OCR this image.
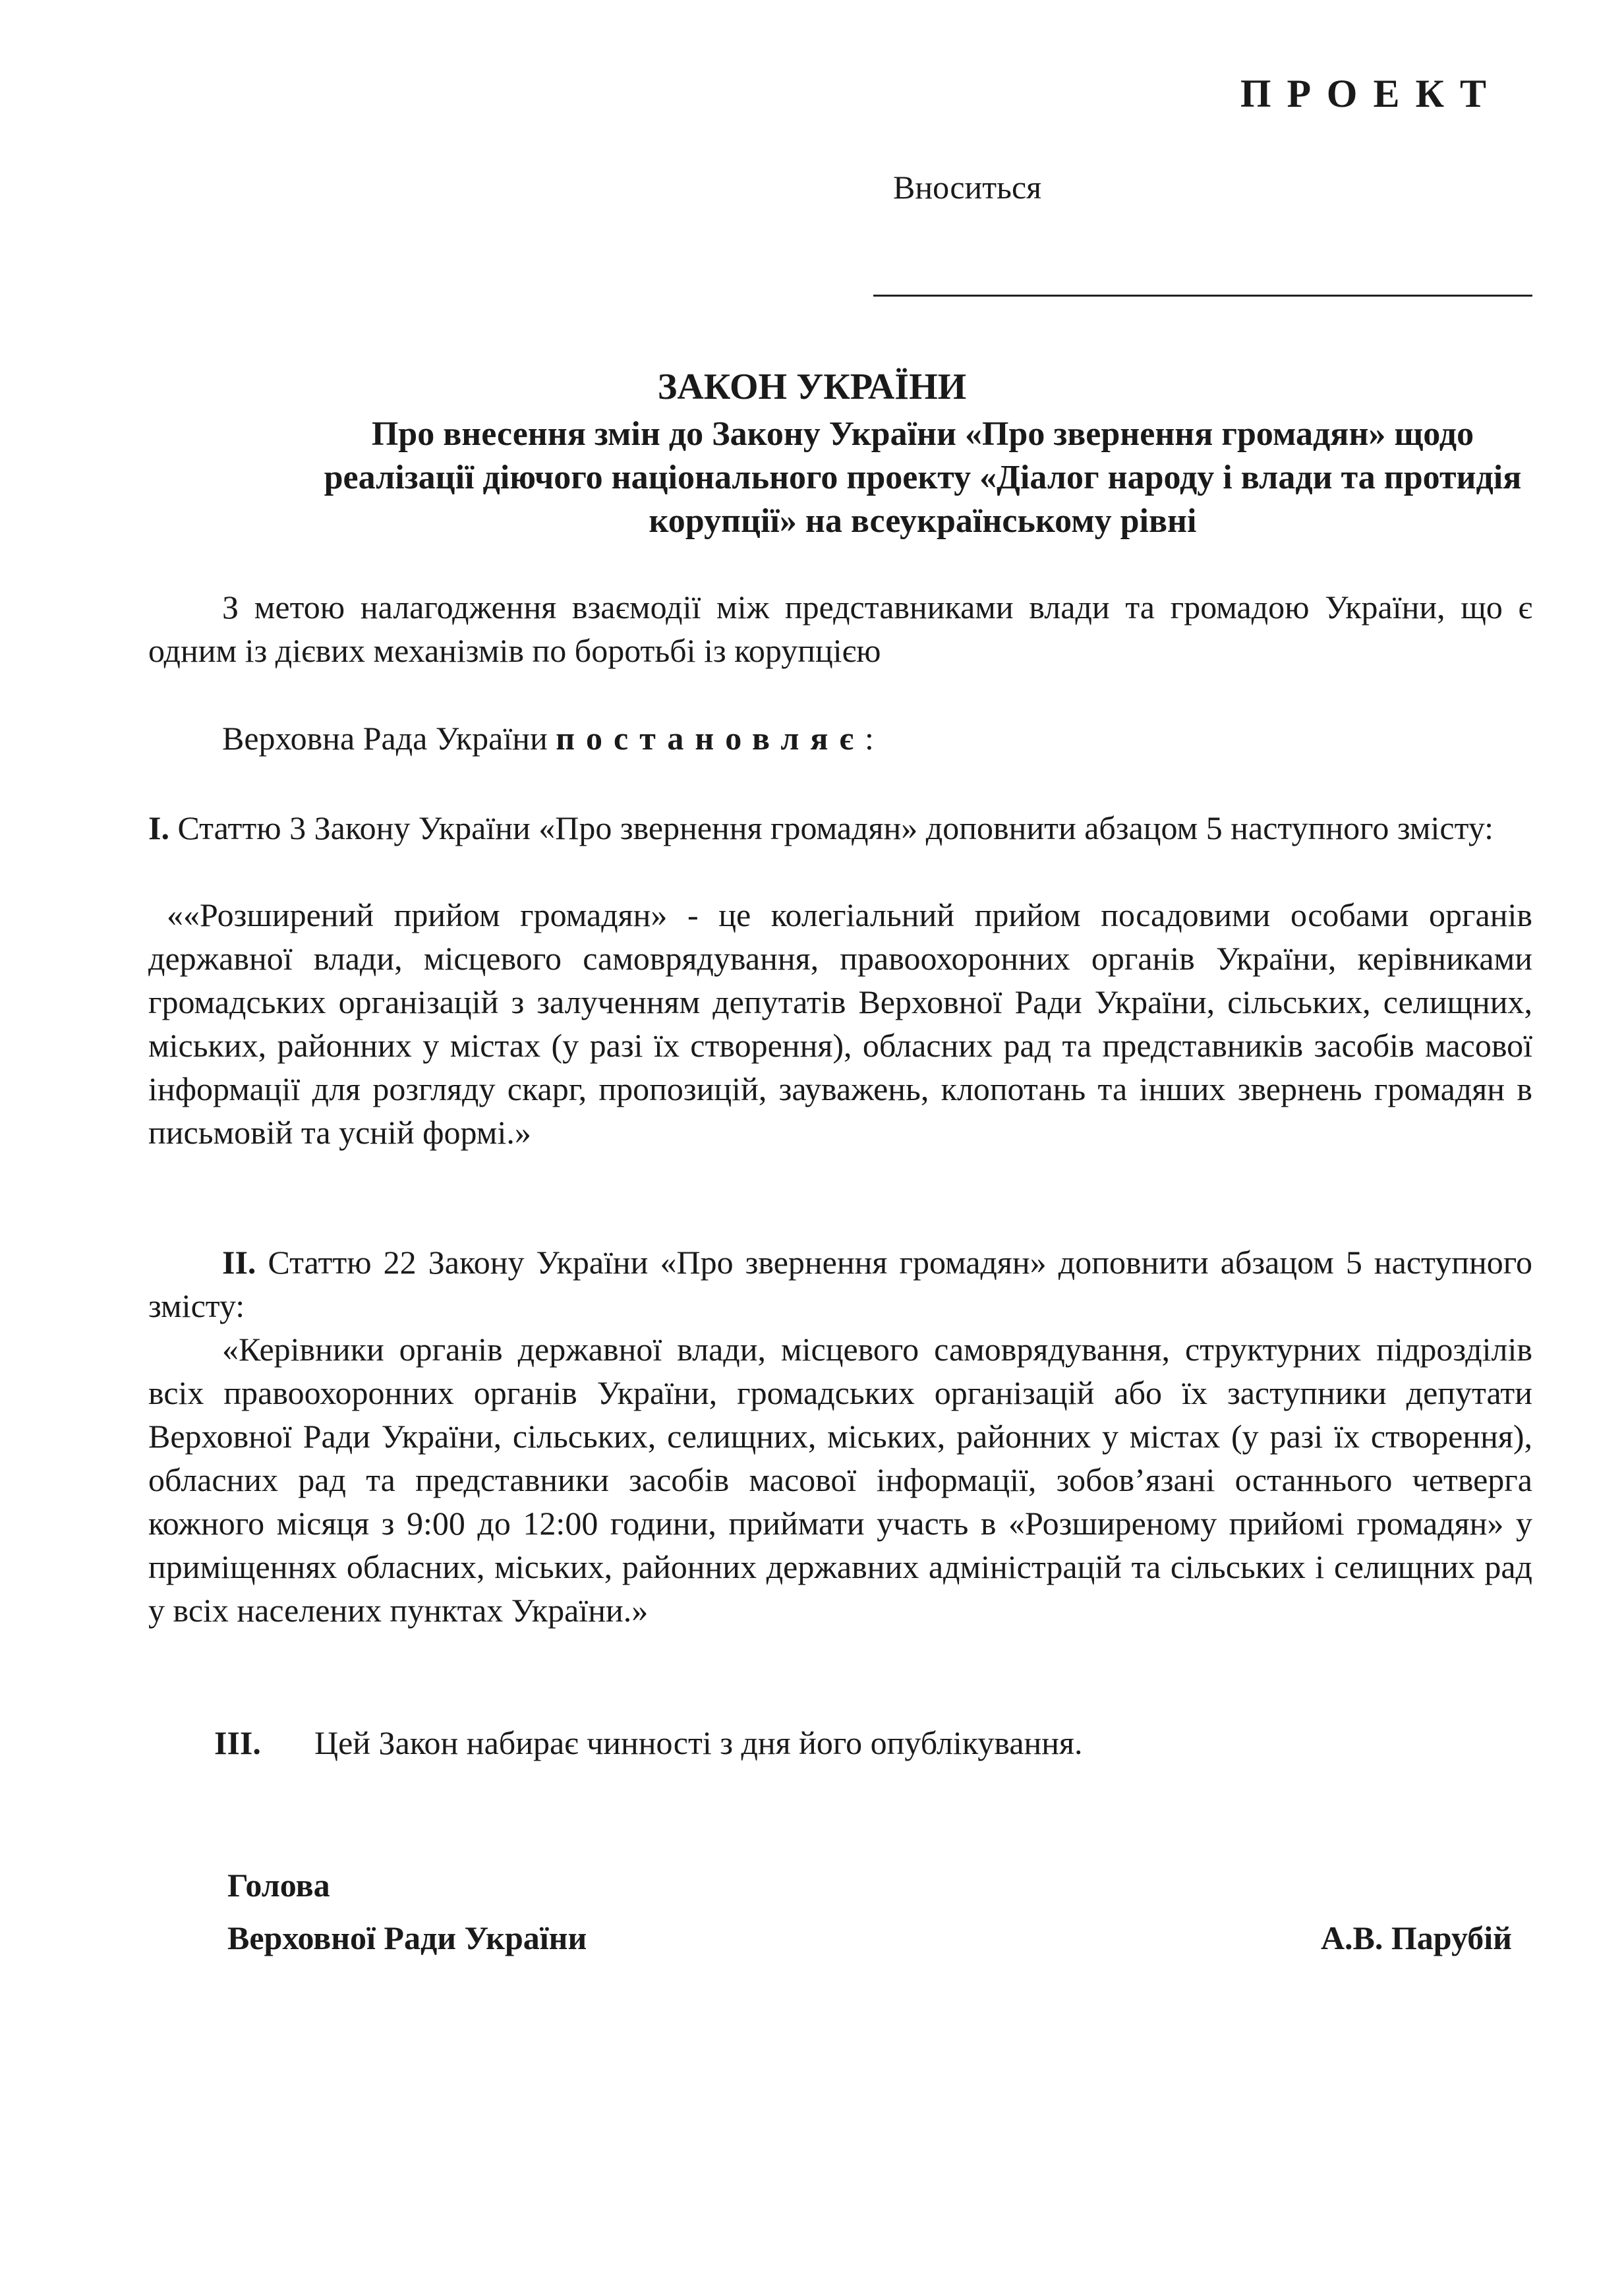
ПРОЕКТ
Вноситься
ЗАКОН УКРАЇНИ
Про внесення змін до Закону України «Про звернення громадян» щодо реалізації діючого національного проекту «Діалог народу і влади та протидія корупції» на всеукраїнському рівні

З метою налагодження взаємодії між представниками влади та громадою України, що є одним із дієвих механізмів по боротьбі із корупцією

Верховна Рада України постановляє:

І. Статтю 3 Закону України «Про звернення громадян» доповнити абзацом 5 наступного змісту:

««Розширений прийом громадян» - це колегіальний прийом посадовими особами органів державної влади, місцевого самоврядування, правоохоронних органів України, керівниками громадських організацій з залученням депутатів Верховної Ради України, сільських, селищних, міських, районних у містах (у разі їх створення), обласних рад та представників засобів масової інформації для розгляду скарг, пропозицій, зауважень, клопотань та інших звернень громадян в письмовій та усній формі.»

ІІ. Статтю 22 Закону України «Про звернення громадян» доповнити абзацом 5 наступного змісту:

«Керівники органів державної влади, місцевого самоврядування, структурних підрозділів всіх правоохоронних органів України, громадських організацій або їх заступники депутати Верховної Ради України, сільських, селищних, міських, районних у містах (у разі їх створення), обласних рад та представники засобів масової інформації, зобов’язані останнього четверга кожного місяця з 9:00 до 12:00 години, приймати участь в «Розширеному прийомі громадян» у приміщеннях обласних, міських, районних державних адміністрацій та сільських і селищних рад у всіх населених пунктах України.»

ІІІ. Цей Закон набирає чинності з дня його опублікування.

Голова
Верховної Ради України	А.В. Парубій
